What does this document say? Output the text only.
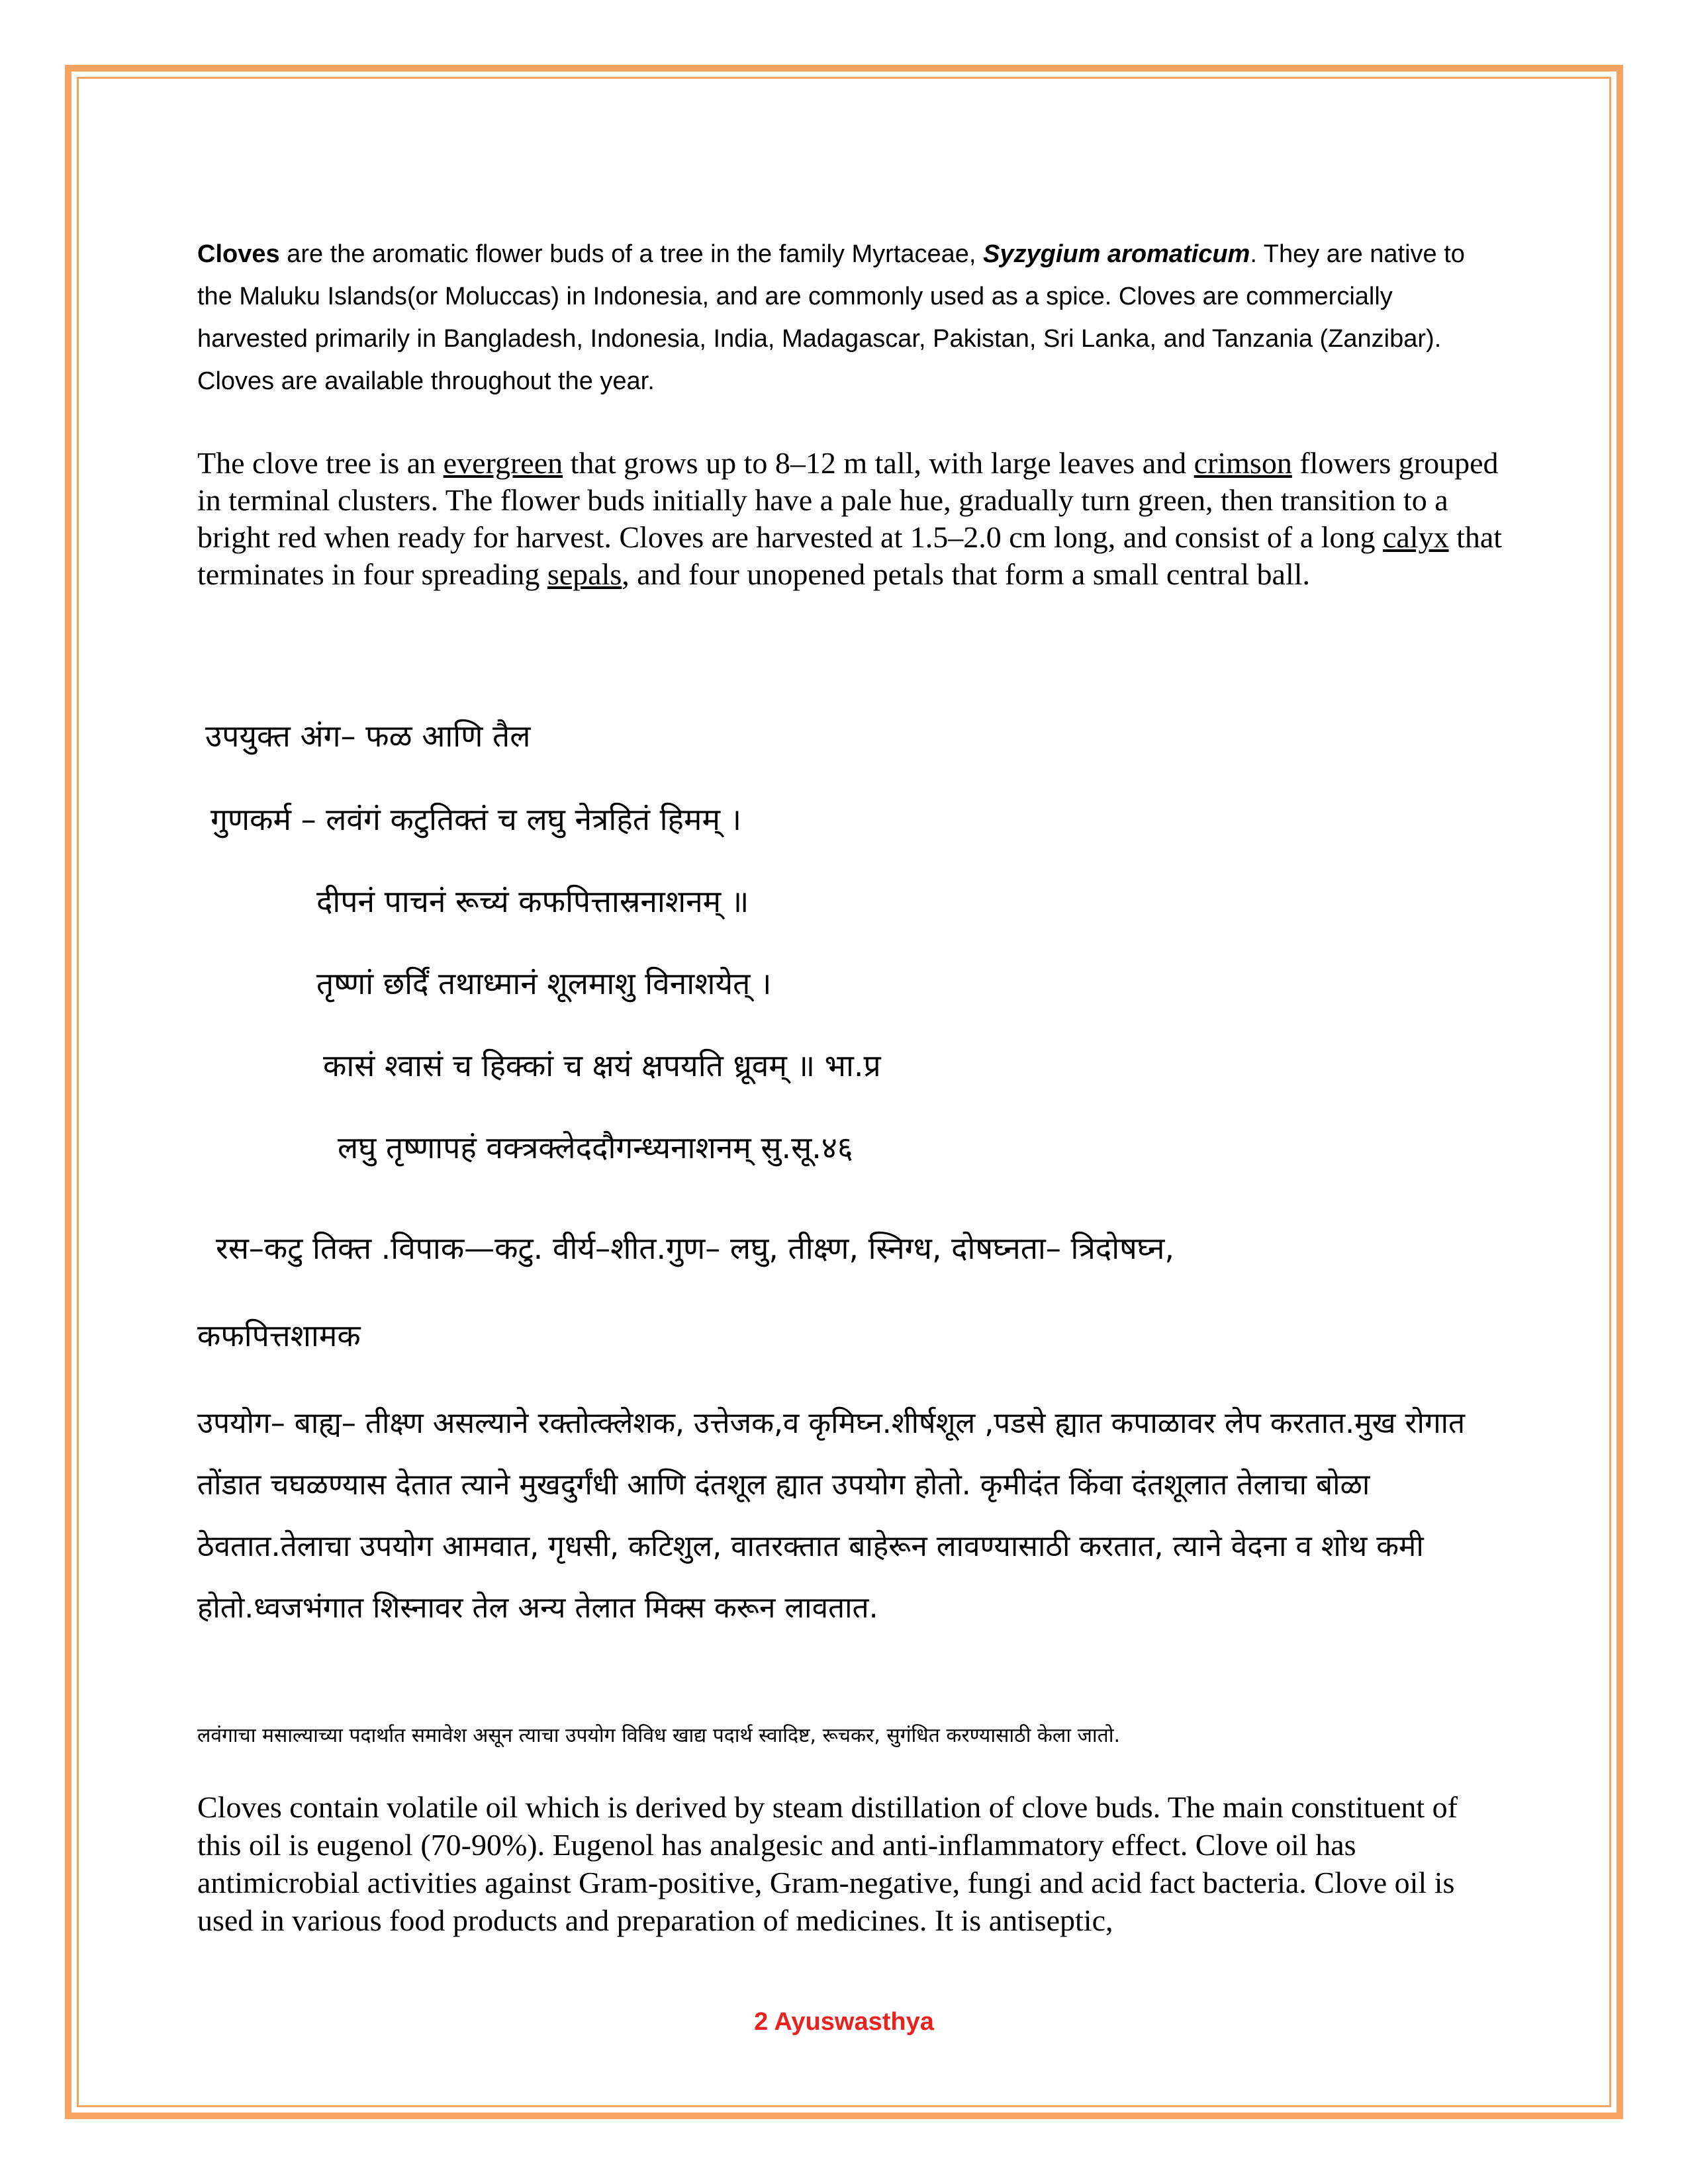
Cloves are the aromatic flower buds of a tree in the family Myrtaceae, Syzygium aromaticum. They are native to the Maluku Islands(or Moluccas) in Indonesia, and are commonly used as a spice. Cloves are commercially harvested primarily in Bangladesh, Indonesia, India, Madagascar, Pakistan, Sri Lanka, and Tanzania (Zanzibar). Cloves are available throughout the year.

The clove tree is an evergreen that grows up to 8–12 m tall, with large leaves and crimson flowers grouped in terminal clusters. The flower buds initially have a pale hue, gradually turn green, then transition to a bright red when ready for harvest. Cloves are harvested at 1.5–2.0 cm long, and consist of a long calyx that terminates in four spreading sepals, and four unopened petals that form a small central ball.

उपयुक्त अंग– फळ आणि तैल

गुणकर्म – लवंगं कटुतिक्तं च लघु नेत्रहितं हिमम् ।

दीपनं पाचनं रूच्यं कफपित्तास्रनाशनम् ॥

तृष्णां छर्दिं तथाध्मानं शूलमाशु विनाशयेत् ।

कासं श्वासं च हिक्कां च क्षयं क्षपयति ध्रूवम् ॥ भा.प्र

लघु तृष्णापहं वक्त्रक्लेददौगन्ध्यनाशनम् सु.सू.४६

रस–कटु तिक्त .विपाक—कटु. वीर्य–शीत.गुण– लघु, तीक्ष्ण, स्निग्ध, दोषघ्नता– त्रिदोषघ्न,

कफपित्तशामक

उपयोग– बाह्य– तीक्ष्ण असल्याने रक्तोत्क्लेशक, उत्तेजक,व कृमिघ्न.शीर्षशूल ,पडसे ह्यात कपाळावर लेप करतात.मुख रोगात तोंडात चघळण्यास देतात त्याने मुखदुर्गंधी आणि दंतशूल ह्यात उपयोग होतो. कृमीदंत किंवा दंतशूलात तेलाचा बोळा ठेवतात.तेलाचा उपयोग आमवात, गृधसी, कटिशुल, वातरक्तात बाहेरून लावण्यासाठी करतात, त्याने वेदना व शोथ कमी होतो.ध्वजभंगात शिस्नावर तेल अन्य तेलात मिक्स करून लावतात.

लवंगाचा मसाल्याच्या पदार्थात समावेश असून त्याचा उपयोग विविध खाद्य पदार्थ स्वादिष्ट, रूचकर, सुगंधित करण्यासाठी केला जातो.

Cloves contain volatile oil which is derived by steam distillation of clove buds. The main constituent of this oil is eugenol (70-90%). Eugenol has analgesic and anti-inflammatory effect. Clove oil has antimicrobial activities against Gram-positive, Gram-negative, fungi and acid fact bacteria. Clove oil is used in various food products and preparation of medicines. It is antiseptic,

2 Ayuswasthya
